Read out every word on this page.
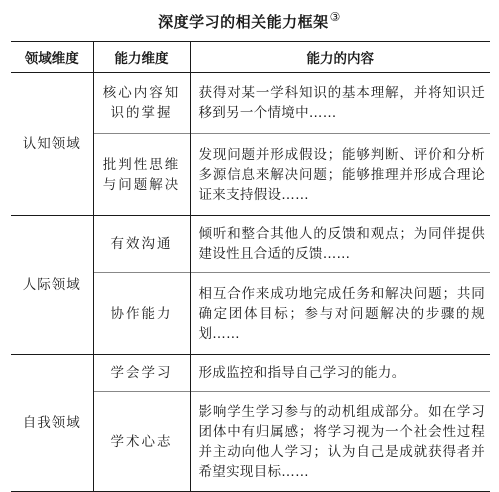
深度学习的相关能力框架③
领域维度	能力维度	能力的内容
认知领域	核心内容知识的掌握	获得对某一学科知识的基本理解，并将知识迁移到另一个情境中……
	批判性思维与问题解决	发现问题并形成假设；能够判断、评价和分析多源信息来解决问题；能够推理并形成合理论证来支持假设……
人际领域	有效沟通	倾听和整合其他人的反馈和观点；为同伴提供建设性且合适的反馈……
	协作能力	相互合作来成功地完成任务和解决问题；共同确定团体目标；参与对问题解决的步骤的规划……
自我领域	学会学习	形成监控和指导自己学习的能力。
	学术心志	影响学生学习参与的动机组成部分。如在学习团体中有归属感；将学习视为一个社会性过程并主动向他人学习；认为自己是成就获得者并希望实现目标……
